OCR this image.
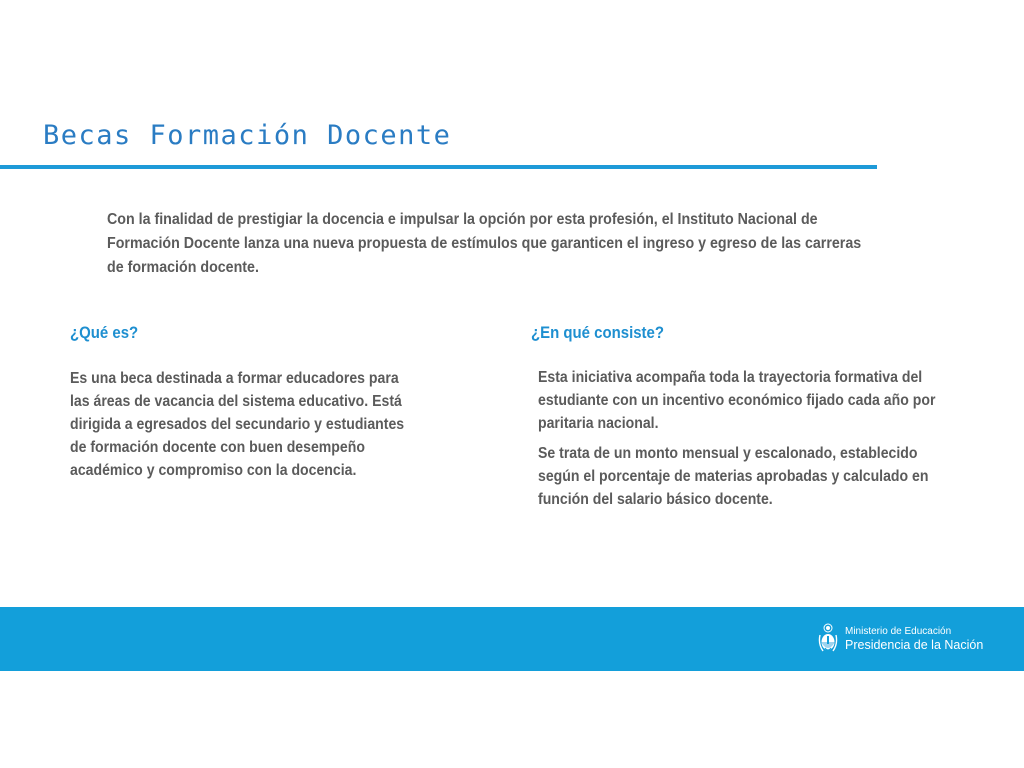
Becas Formación Docente
Con la finalidad de prestigiar la docencia e impulsar la opción por esta profesión, el Instituto Nacional de Formación Docente lanza una nueva propuesta de estímulos que garanticen el ingreso y egreso de las carreras de formación docente.
¿Qué es?

Es una beca destinada a formar educadores para las áreas de vacancia del sistema educativo. Está dirigida a egresados del secundario y estudiantes de formación docente con buen desempeño académico y compromiso con la docencia.

¿En qué consiste?

Esta iniciativa acompaña toda la trayectoria formativa del estudiante con un incentivo económico fijado cada año por paritaria nacional.

Se trata de un monto mensual y escalonado, establecido según el porcentaje de materias aprobadas y calculado en función del salario básico docente.

Ministerio de Educación
Presidencia de la Nación
